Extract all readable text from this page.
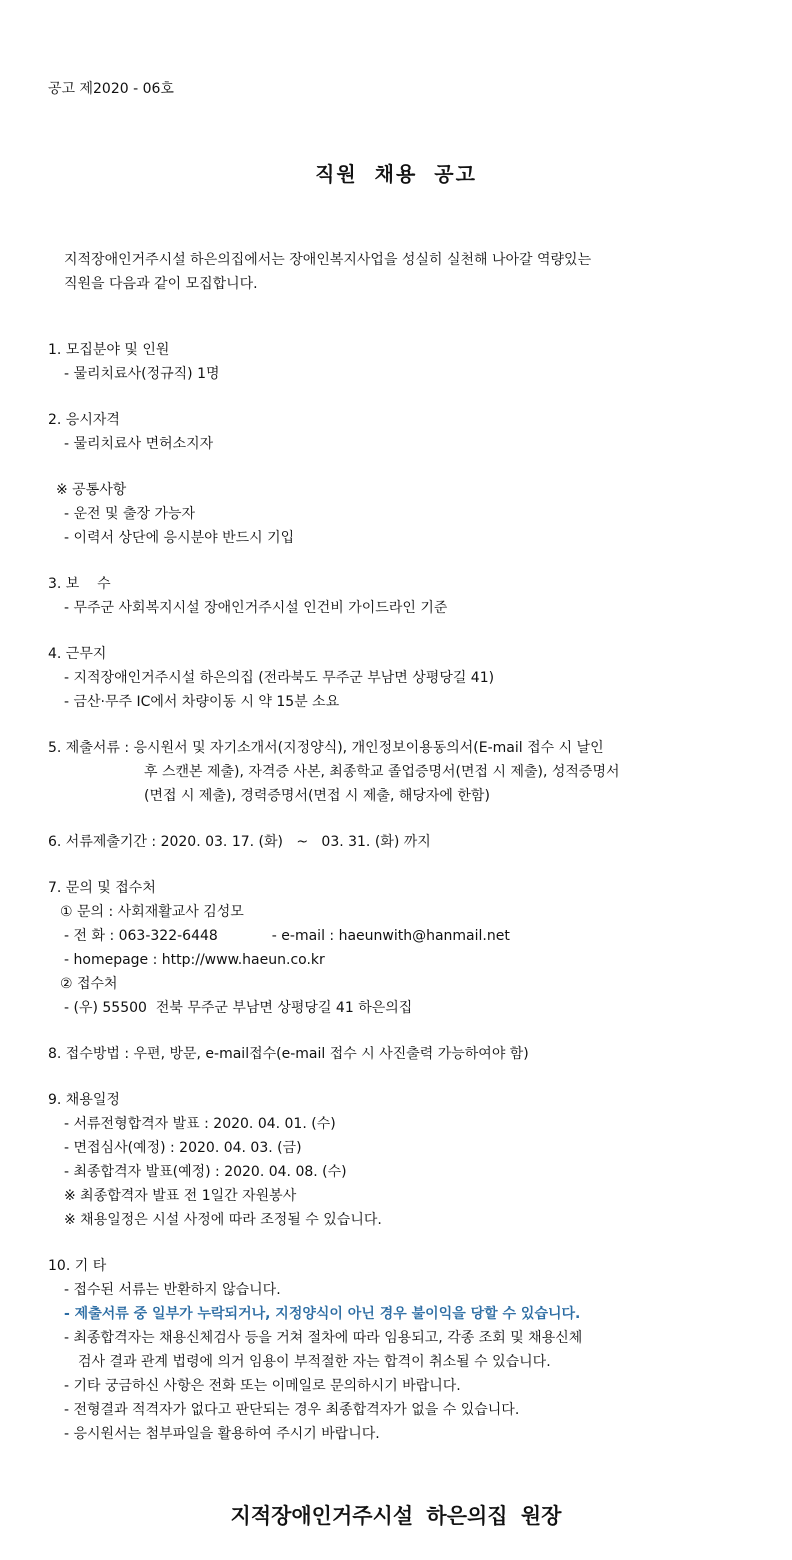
공고 제2020 - 06호
직원 채용 공고
지적장애인거주시설 하은의집에서는 장애인복지사업을 성실히 실천해 나아갈 역량있는
직원을 다음과 같이 모집합니다.
1. 모집분야 및 인원
- 물리치료사(정규직) 1명
2. 응시자격
- 물리치료사 면허소지자
※ 공통사항
- 운전 및 출장 가능자
- 이력서 상단에 응시분야 반드시 기입
3. 보    수
- 무주군 사회복지시설 장애인거주시설 인건비 가이드라인 기준
4. 근무지
- 지적장애인거주시설 하은의집 (전라북도 무주군 부남면 상평당길 41)
- 금산·무주 IC에서 차량이동 시 약 15분 소요
5. 제출서류 : 응시원서 및 자기소개서(지정양식), 개인정보이용동의서(E-mail 접수 시 날인
후 스캔본 제출), 자격증 사본, 최종학교 졸업증명서(면접 시 제출), 성적증명서
(면접 시 제출), 경력증명서(면접 시 제출, 해당자에 한함)
6. 서류제출기간 : 2020. 03. 17. (화)   ~   03. 31. (화) 까지
7. 문의 및 접수처
① 문의 : 사회재활교사 김성모
- 전 화 : 063-322-6448	- e-mail : haeunwith@hanmail.net
- homepage : http://www.haeun.co.kr
② 접수처
- (우) 55500  전북 무주군 부남면 상평당길 41 하은의집
8. 접수방법 : 우편, 방문, e-mail접수(e-mail 접수 시 사진출력 가능하여야 함)
9. 채용일정
- 서류전형합격자 발표 : 2020. 04. 01. (수)
- 면접심사(예정) : 2020. 04. 03. (금)
- 최종합격자 발표(예정) : 2020. 04. 08. (수)
※ 최종합격자 발표 전 1일간 자원봉사
※ 채용일정은 시설 사정에 따라 조정될 수 있습니다.
10. 기 타
- 접수된 서류는 반환하지 않습니다.
- 제출서류 중 일부가 누락되거나, 지정양식이 아닌 경우 불이익을 당할 수 있습니다.
- 최종합격자는 채용신체검사 등을 거쳐 절차에 따라 임용되고, 각종 조회 및 채용신체
검사 결과 관계 법령에 의거 임용이 부적절한 자는 합격이 취소될 수 있습니다.
- 기타 궁금하신 사항은 전화 또는 이메일로 문의하시기 바랍니다.
- 전형결과 적격자가 없다고 판단되는 경우 최종합격자가 없을 수 있습니다.
- 응시원서는 첨부파일을 활용하여 주시기 바랍니다.
지적장애인거주시설 하은의집 원장
